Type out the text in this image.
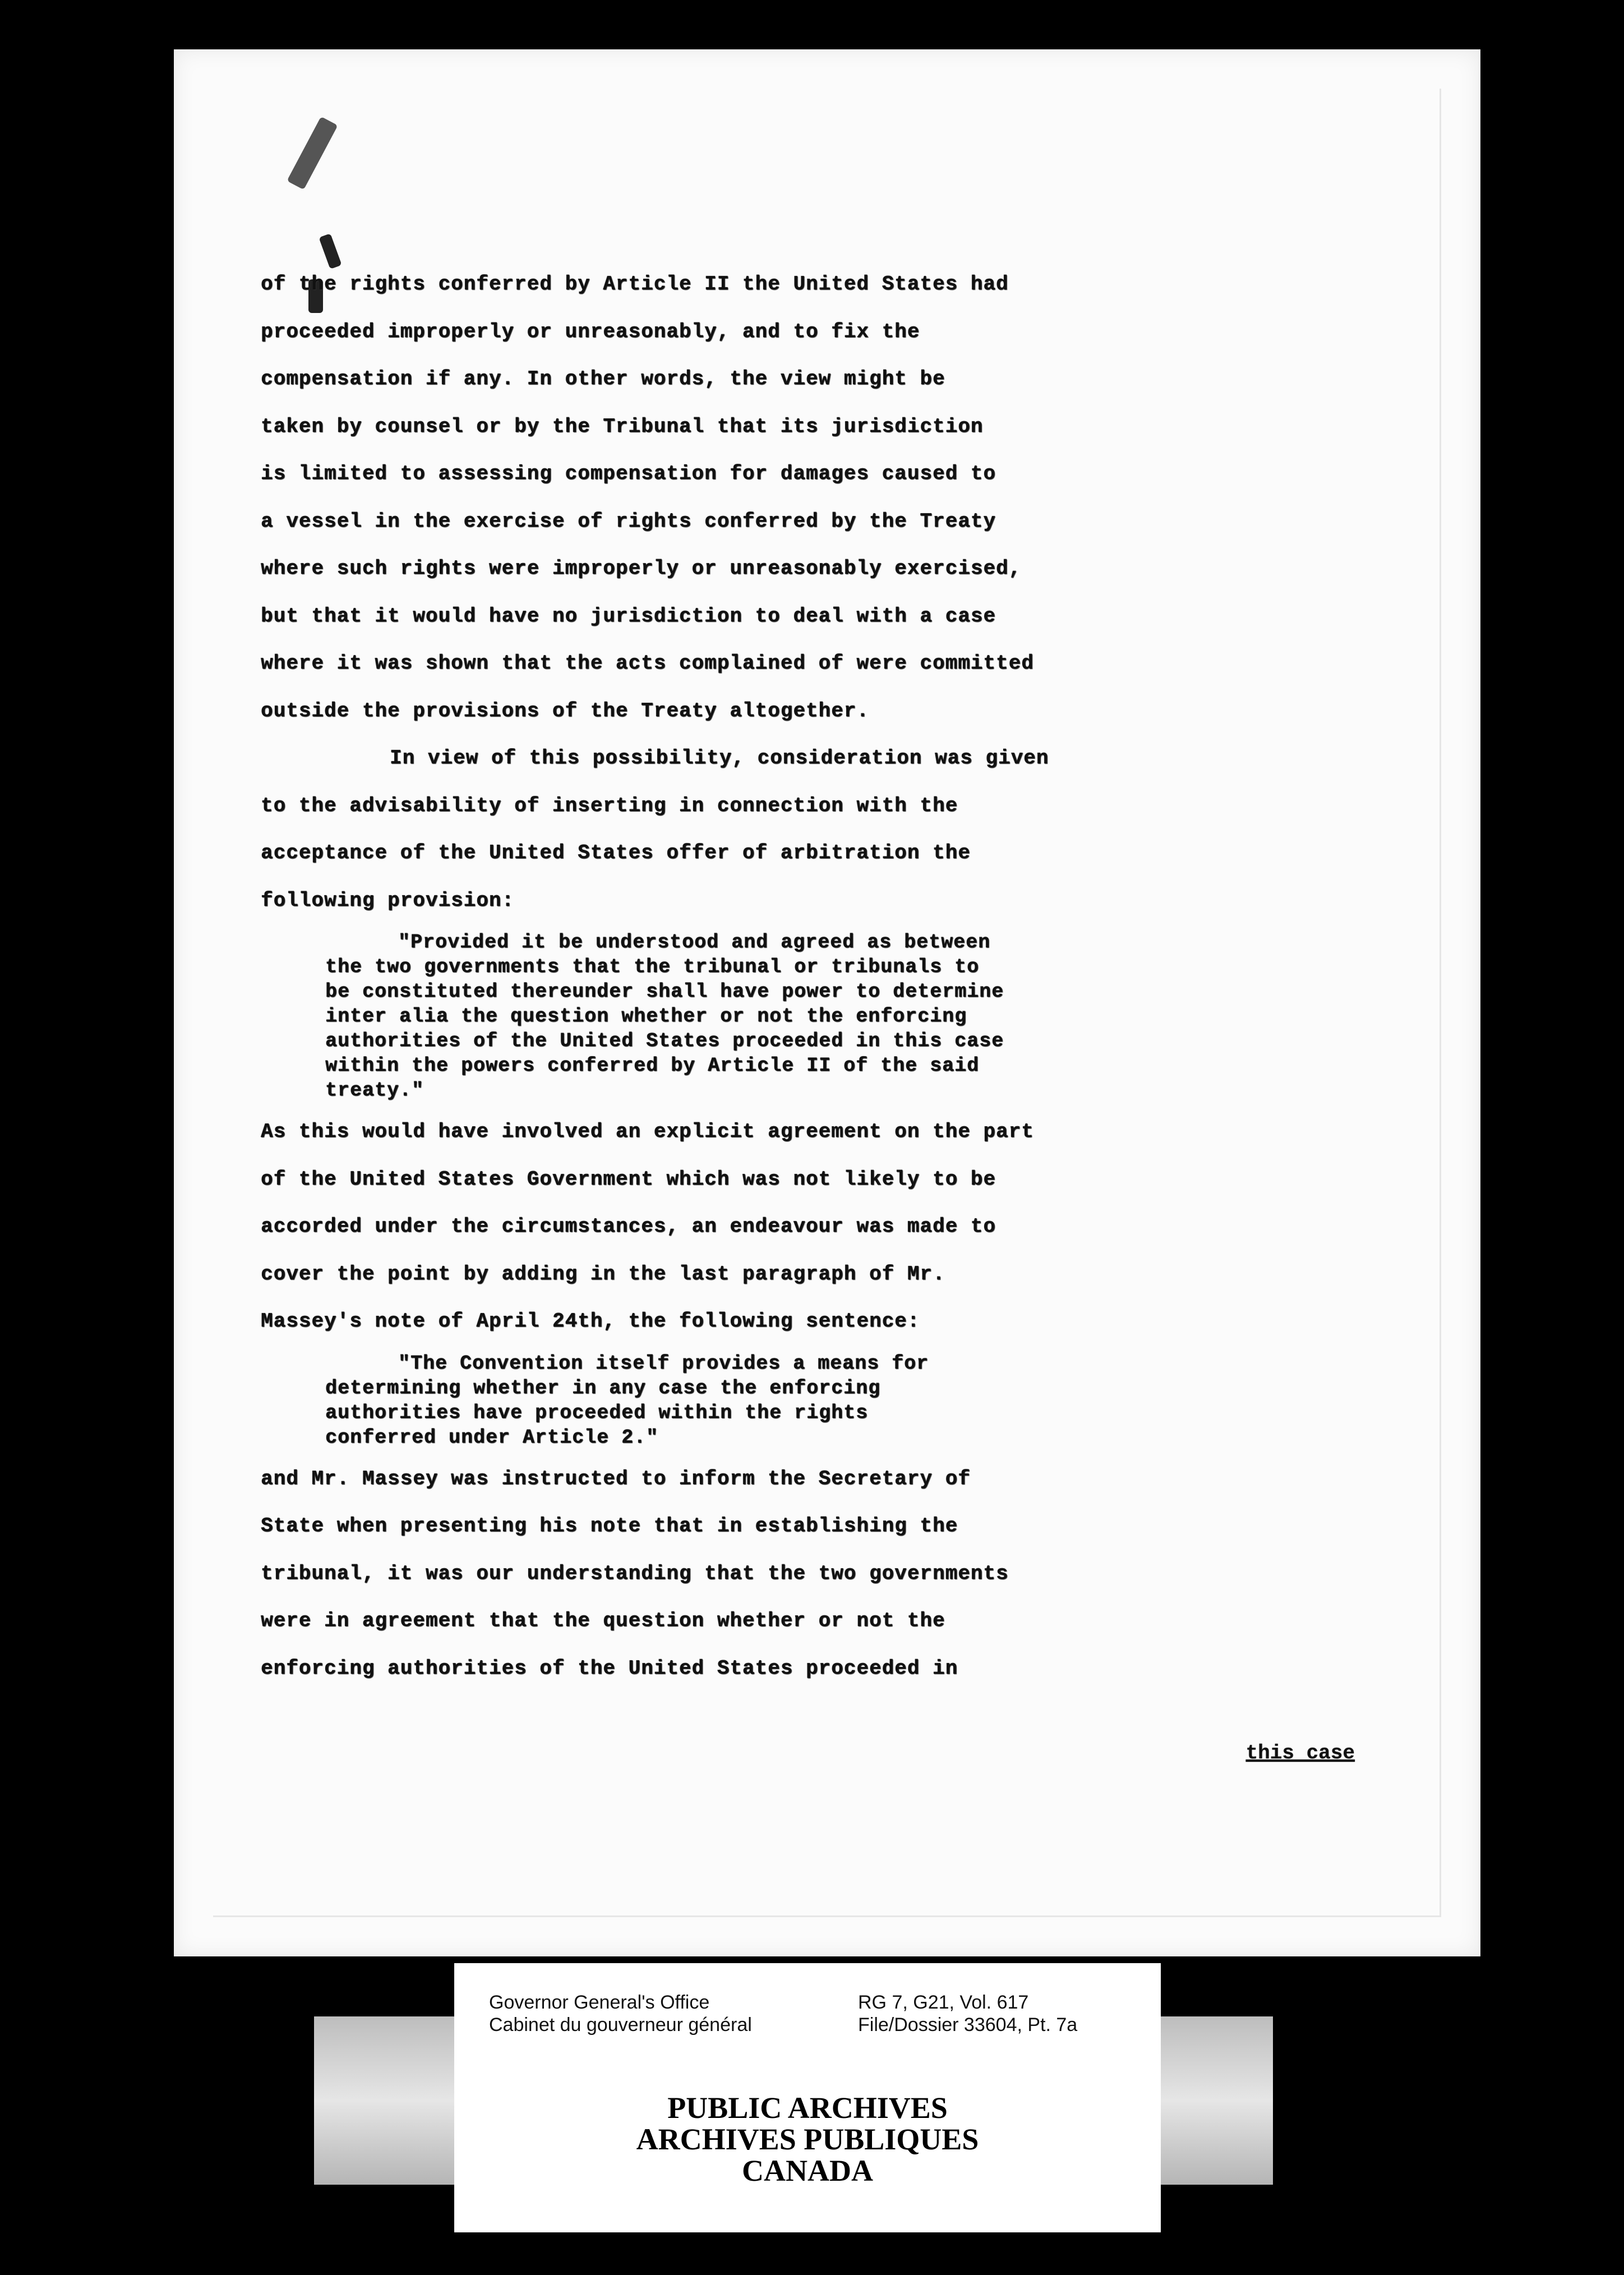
of the rights conferred by Article II the United States had
proceeded improperly or unreasonably, and to fix the
compensation if any. In other words, the view might be
taken by counsel or by the Tribunal that its jurisdiction
is limited to assessing compensation for damages caused to
a vessel in the exercise of rights conferred by the Treaty
where such rights were improperly or unreasonably exercised,
but that it would have no jurisdiction to deal with a case
where it was shown that the acts complained of were committed
outside the provisions of the Treaty altogether.
In view of this possibility, consideration was given
to the advisability of inserting in connection with the
acceptance of the United States offer of arbitration the
following provision:
"Provided it be understood and agreed as between
the two governments that the tribunal or tribunals to
be constituted thereunder shall have power to determine
inter alia the question whether or not the enforcing
authorities of the United States proceeded in this case
within the powers conferred by Article II of the said
treaty."
As this would have involved an explicit agreement on the part
of the United States Government which was not likely to be
accorded under the circumstances, an endeavour was made to
cover the point by adding in the last paragraph of Mr.
Massey's note of April 24th, the following sentence:
"The Convention itself provides a means for
determining whether in any case the enforcing
authorities have proceeded within the rights
conferred under Article 2."
and Mr. Massey was instructed to inform the Secretary of
State when presenting his note that in establishing the
tribunal, it was our understanding that the two governments
were in agreement that the question whether or not the
enforcing authorities of the United States proceeded in
this case
Governor General's Office
Cabinet du gouverneur général
RG 7, G21, Vol. 617
File/Dossier 33604, Pt. 7a
PUBLIC ARCHIVES
ARCHIVES PUBLIQUES
CANADA
